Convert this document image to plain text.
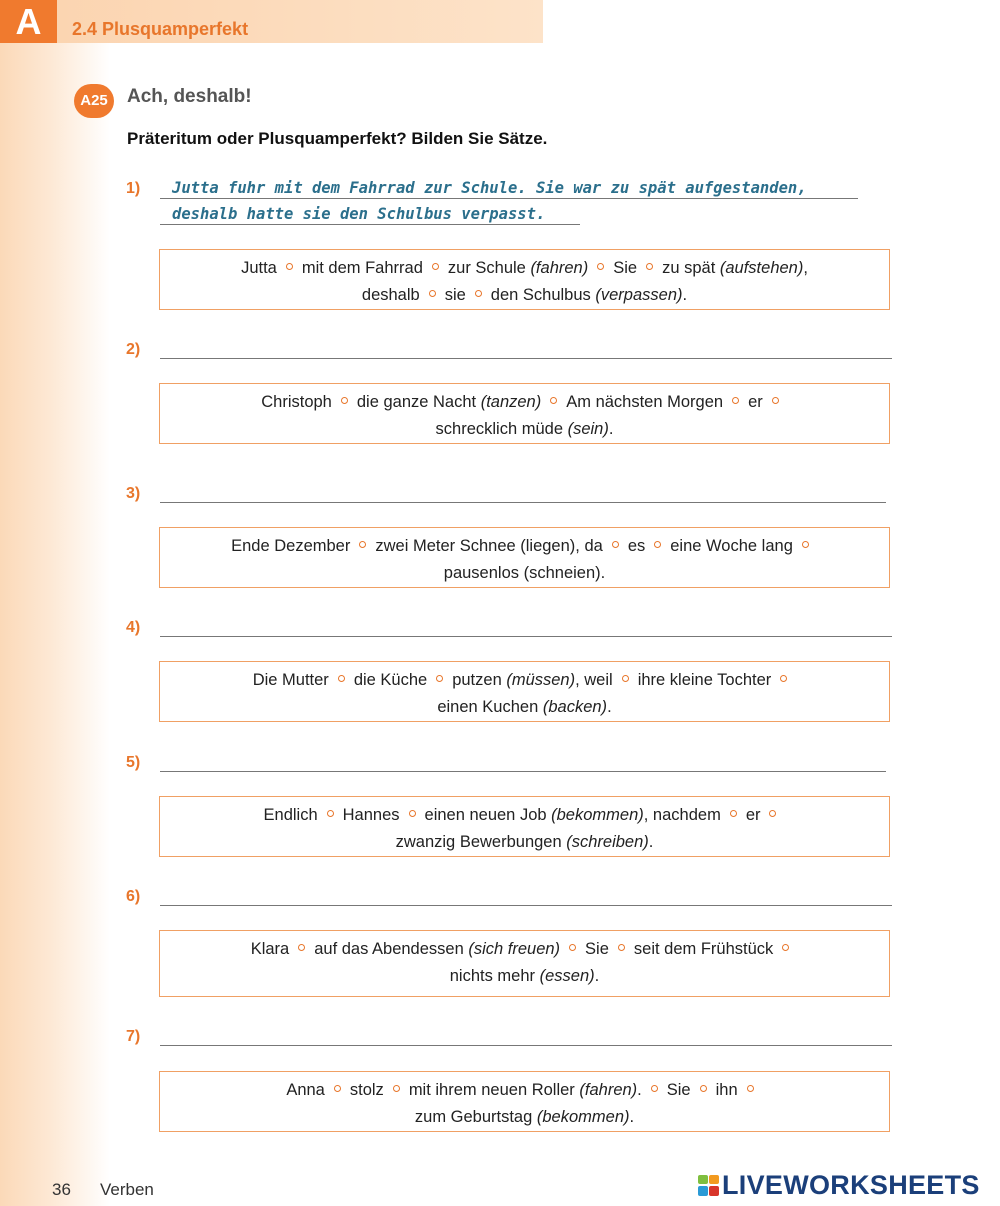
A	2.4 Plusquamperfekt
A25	Ach, deshalb!
Präteritum oder Plusquamperfekt? Bilden Sie Sätze.
1) Jutta fuhr mit dem Fahrrad zur Schule. Sie war zu spät aufgestanden,
deshalb hatte sie den Schulbus verpasst.
Jutta mit dem Fahrrad zur Schule (fahren) Sie zu spät (aufstehen),
deshalb sie den Schulbus (verpassen).
2)
Christoph die ganze Nacht (tanzen) Am nächsten Morgen er
schrecklich müde (sein).
3)
Ende Dezember zwei Meter Schnee (liegen), da es eine Woche lang
pausenlos (schneien).
4)
Die Mutter die Küche putzen (müssen), weil ihre kleine Tochter
einen Kuchen (backen).
5)
Endlich Hannes einen neuen Job (bekommen), nachdem er
zwanzig Bewerbungen (schreiben).
6)
Klara auf das Abendessen (sich freuen) Sie seit dem Frühstück
nichts mehr (essen).
7)
Anna stolz mit ihrem neuen Roller (fahren). Sie ihn
zum Geburtstag (bekommen).
36 Verben	LIVEWORKSHEETS
